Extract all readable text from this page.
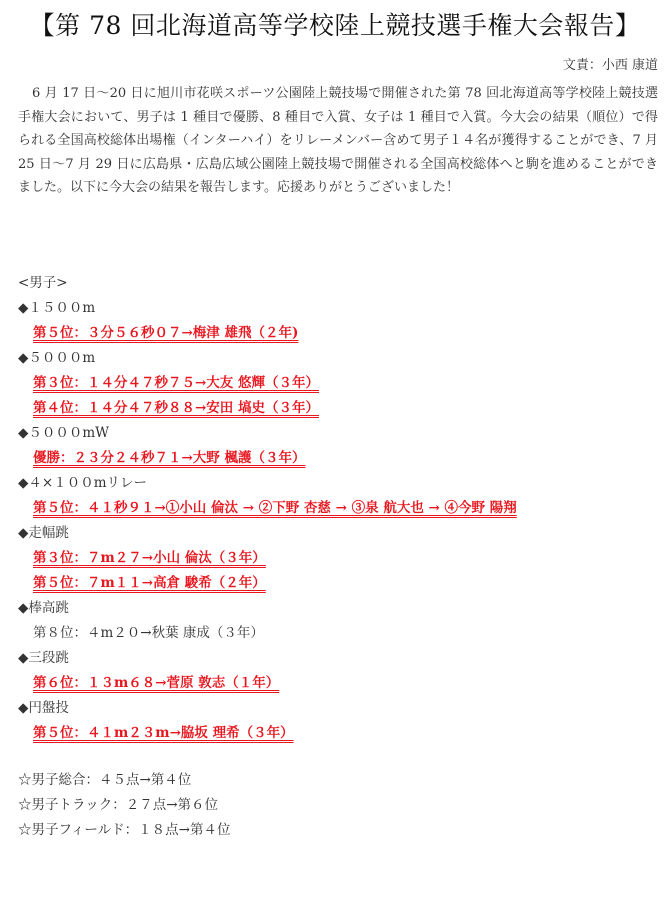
【第 78 回北海道高等学校陸上競技選手権大会報告】
文責：小西 康道
6 月 17 日～20 日に旭川市花咲スポーツ公園陸上競技場で開催された第 78 回北海道高等学校陸上競技選手権大会において、男子は 1 種目で優勝、8 種目で入賞、女子は 1 種目で入賞。今大会の結果（順位）で得られる全国高校総体出場権（インターハイ）をリレーメンバー含めて男子１４名が獲得することができ、7 月 25 日～7 月 29 日に広島県・広島広域公園陸上競技場で開催される全国高校総体へと駒を進めることができました。以下に今大会の結果を報告します。応援ありがとうございました！
<男子>
◆１５００m
第５位：３分５６秒０７→梅津 雄飛（２年)
◆５０００m
第３位：１４分４７秒７５→大友 悠輝（３年）
第４位：１４分４７秒８８→安田 塙史（３年）
◆５０００mW
優勝：２３分２４秒７１→大野 楓護（３年）
◆４×１００mリレー
第５位：４１秒９１→①小山 倫汰 → ②下野 杏慈 → ③泉 航大也 → ④今野 陽翔
◆走幅跳
第３位：７m２７→小山 倫汰（３年）
第５位：７m１１→高倉 駿希（２年）
◆棒高跳
第８位：４m２０→秋葉 康成（３年）
◆三段跳
第６位：１３m６８→菅原 敦志（１年）
◆円盤投
第５位：４１m２３m→脇坂 理希（３年）
☆男子総合：４５点→第４位
☆男子トラック：２７点→第６位
☆男子フィールド：１８点→第４位
